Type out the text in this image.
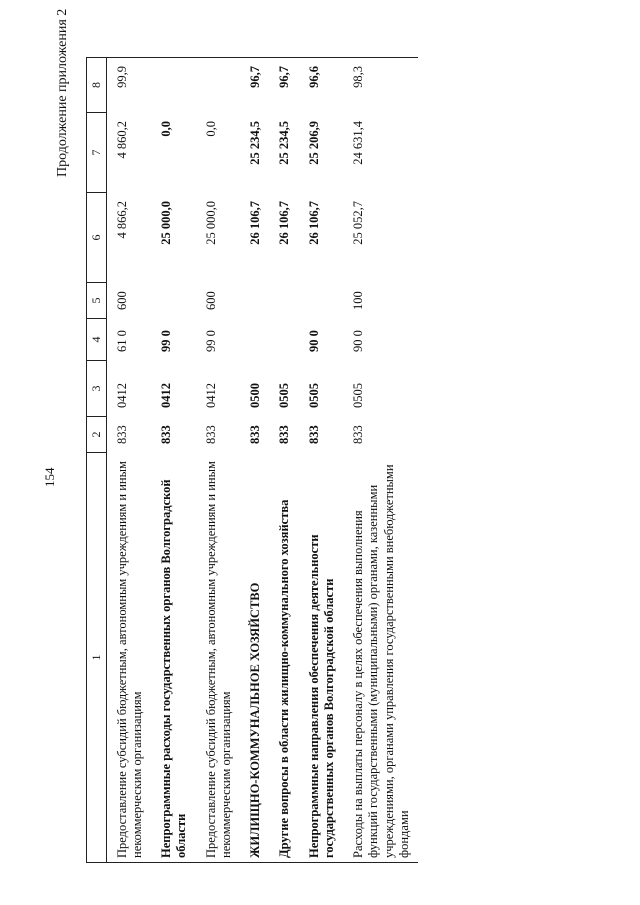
154
Продолжение приложения 2
1	2	3	4	5	6	7	8
Предоставление субсидий бюджетным, автономным учреждениям и иным некоммерческим организациям	833	0412	61 0	600	4 866,2	4 860,2	99,9
Непрограммные расходы государственных органов Волгоградской области	833	0412	99 0		25 000,0	0,0	
Предоставление субсидий бюджетным, автономным учреждениям и иным некоммерческим организациям	833	0412	99 0	600	25 000,0	0,0	
ЖИЛИЩНО-КОММУНАЛЬНОЕ ХОЗЯЙСТВО	833	0500			26 106,7	25 234,5	96,7
Другие вопросы в области жилищно-коммунального хозяйства	833	0505			26 106,7	25 234,5	96,7
Непрограммные направления обеспечения деятельности государственных органов Волгоградской области	833	0505	90 0		26 106,7	25 206,9	96,6
Расходы на выплаты персоналу в целях обеспечения выполнения функций государственными (муниципальными) органами, казенными учреждениями, органами управления государственными внебюджетными фондами	833	0505	90 0	100	25 052,7	24 631,4	98,3
